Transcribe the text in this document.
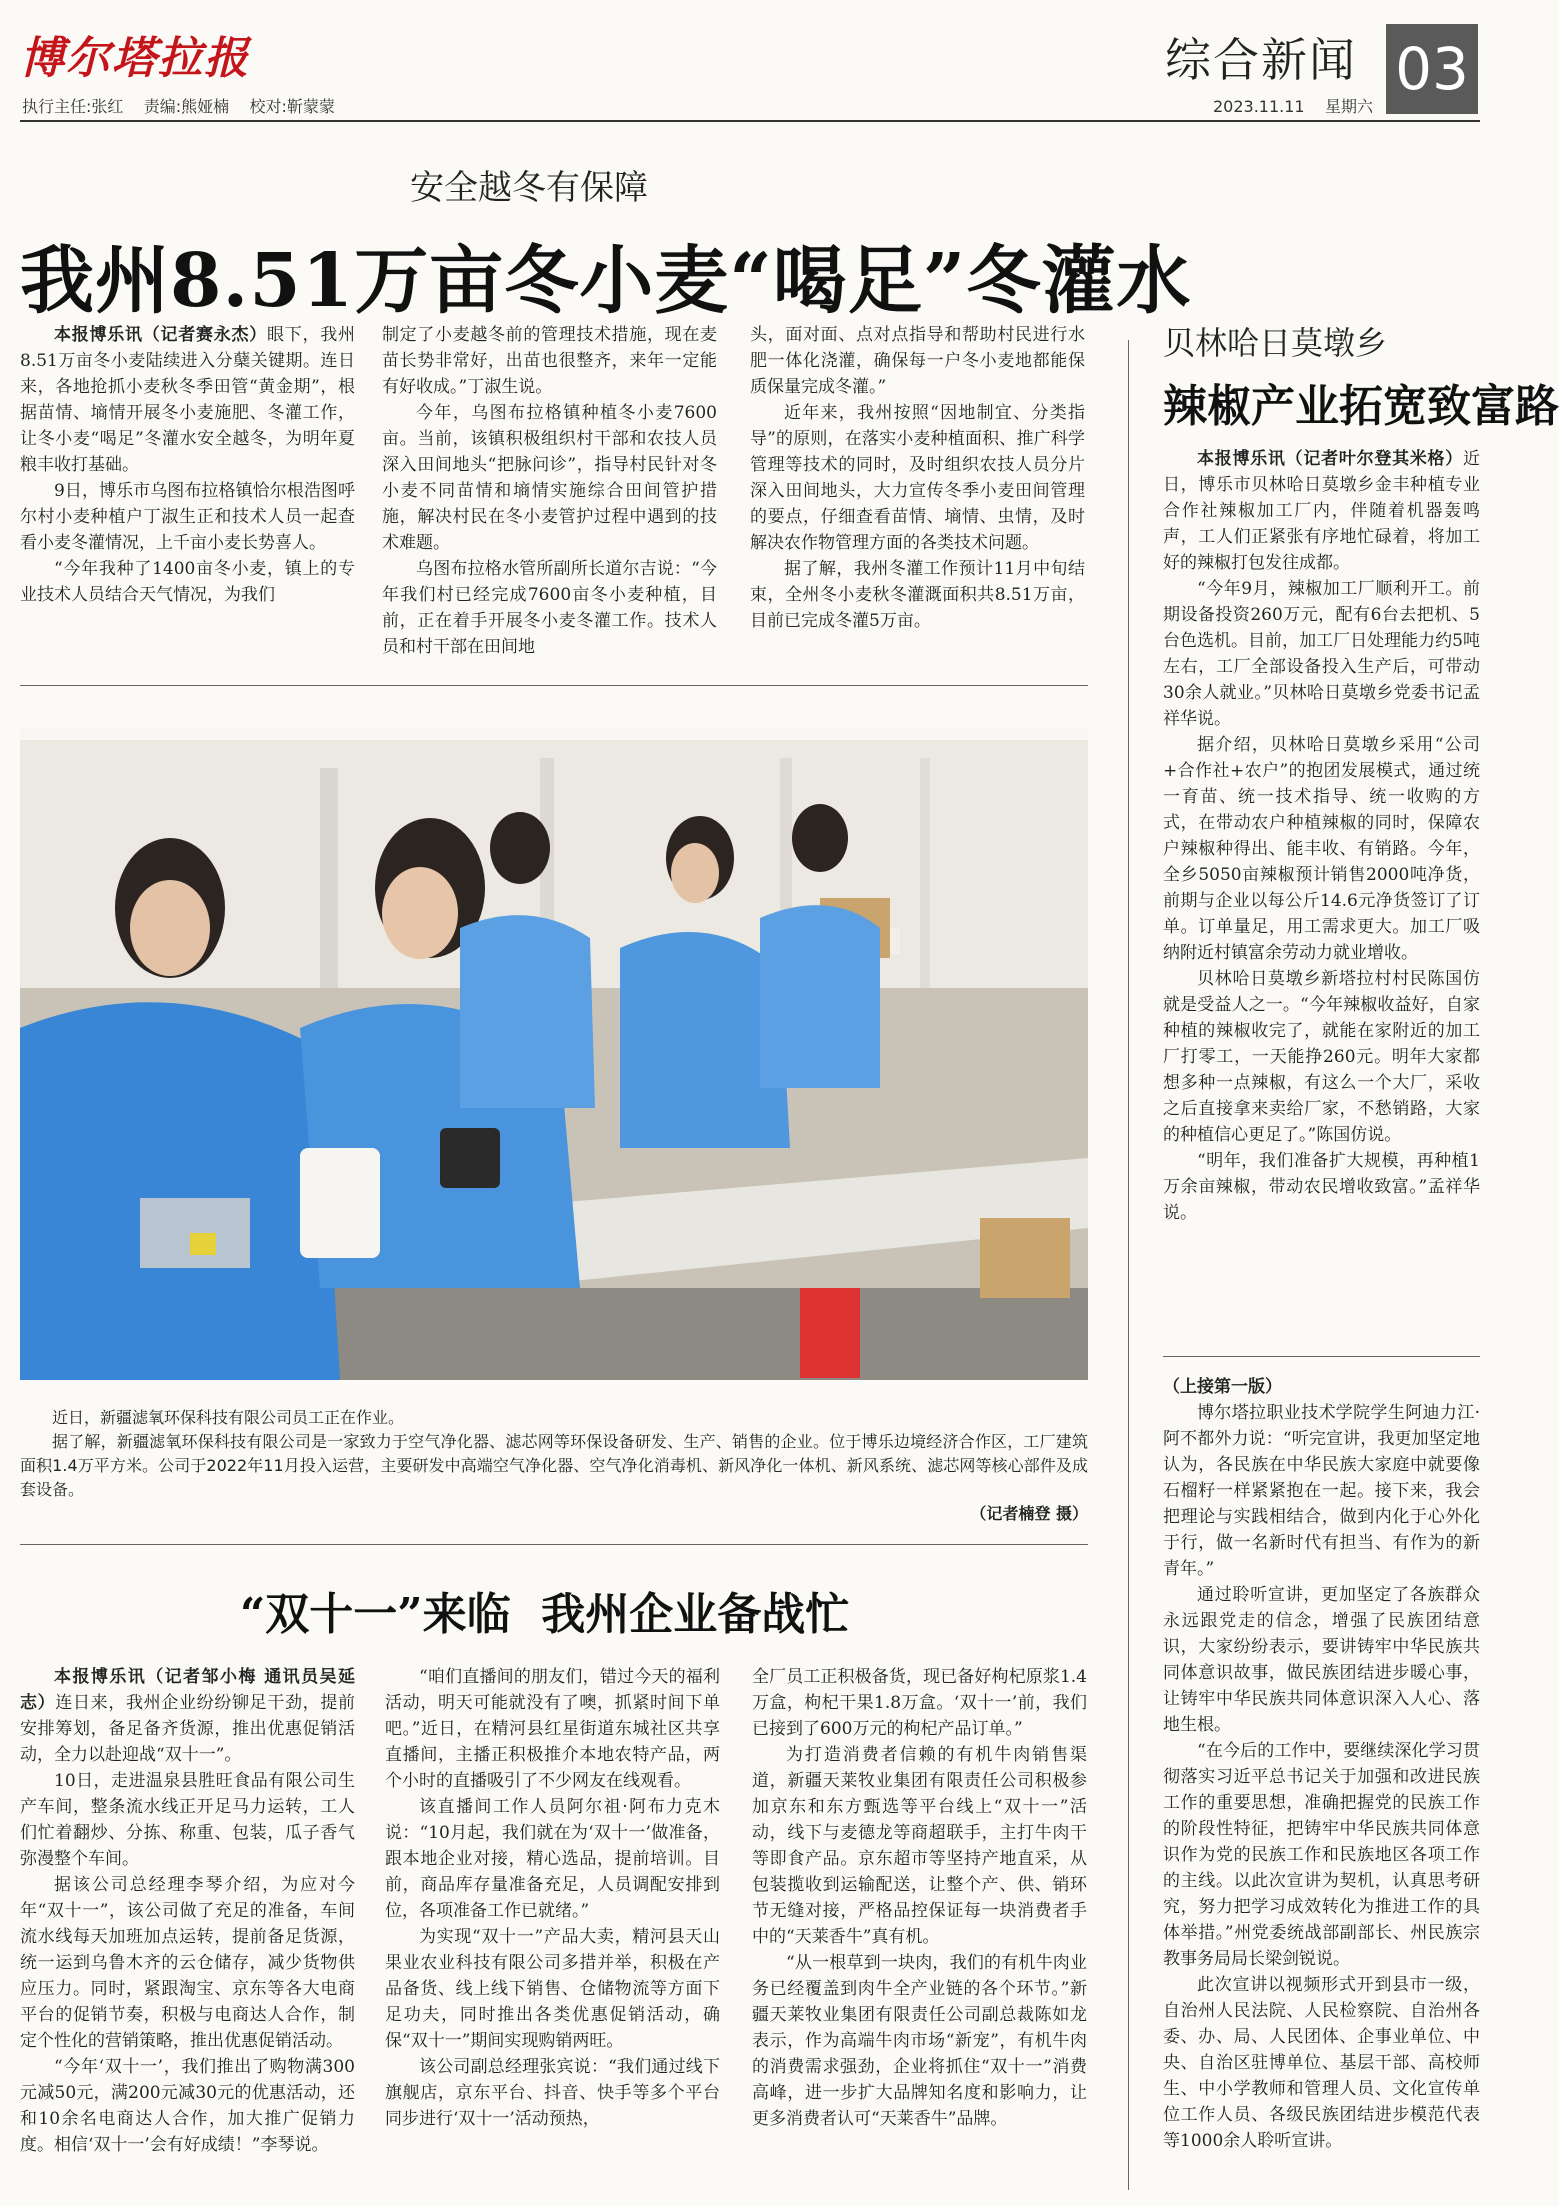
博尔塔拉报
执行主任:张红    责编:熊娅楠    校对:靳蒙蒙
综合新闻 03
2023.11.11    星期六
安全越冬有保障
我州8.51万亩冬小麦“喝足”冬灌水

本报博乐讯（记者赛永杰）眼下，我州8.51万亩冬小麦陆续进入分蘖关键期。连日来，各地抢抓小麦秋冬季田管“黄金期”，根据苗情、墒情开展冬小麦施肥、冬灌工作，让冬小麦“喝足”冬灌水安全越冬，为明年夏粮丰收打基础。

9日，博乐市乌图布拉格镇恰尔根浩图呼尔村小麦种植户丁淑生正和技术人员一起查看小麦冬灌情况，上千亩小麦长势喜人。

“今年我种了1400亩冬小麦，镇上的专业技术人员结合天气情况，为我们

制定了小麦越冬前的管理技术措施，现在麦苗长势非常好，出苗也很整齐，来年一定能有好收成。”丁淑生说。

今年，乌图布拉格镇种植冬小麦7600亩。当前，该镇积极组织村干部和农技人员深入田间地头“把脉问诊”，指导村民针对冬小麦不同苗情和墒情实施综合田间管护措施，解决村民在冬小麦管护过程中遇到的技术难题。

乌图布拉格水管所副所长道尔吉说：“今年我们村已经完成7600亩冬小麦种植，目前，正在着手开展冬小麦冬灌工作。技术人员和村干部在田间地

头，面对面、点对点指导和帮助村民进行水肥一体化浇灌，确保每一户冬小麦地都能保质保量完成冬灌。”

近年来，我州按照“因地制宜、分类指导”的原则，在落实小麦种植面积、推广科学管理等技术的同时，及时组织农技人员分片深入田间地头，大力宣传冬季小麦田间管理的要点，仔细查看苗情、墒情、虫情，及时解决农作物管理方面的各类技术问题。

据了解，我州冬灌工作预计11月中旬结束，全州冬小麦秋冬灌溉面积共8.51万亩，目前已完成冬灌5万亩。

近日，新疆滤氧环保科技有限公司员工正在作业。

据了解，新疆滤氧环保科技有限公司是一家致力于空气净化器、滤芯网等环保设备研发、生产、销售的企业。位于博乐边境经济合作区，工厂建筑面积1.4万平方米。公司于2022年11月投入运营，主要研发中高端空气净化器、空气净化消毒机、新风净化一体机、新风系统、滤芯网等核心部件及成套设备。

（记者楠登 摄）

“双十一”来临  我州企业备战忙

本报博乐讯（记者邹小梅 通讯员吴延志）连日来，我州企业纷纷铆足干劲，提前安排筹划，备足备齐货源，推出优惠促销活动，全力以赴迎战“双十一”。

10日，走进温泉县胜旺食品有限公司生产车间，整条流水线正开足马力运转，工人们忙着翻炒、分拣、称重、包装，瓜子香气弥漫整个车间。

据该公司总经理李琴介绍，为应对今年“双十一”，该公司做了充足的准备，车间流水线每天加班加点运转，提前备足货源，统一运到乌鲁木齐的云仓储存，减少货物供应压力。同时，紧跟淘宝、京东等各大电商平台的促销节奏，积极与电商达人合作，制定个性化的营销策略，推出优惠促销活动。

“今年‘双十一’，我们推出了购物满300元减50元，满200元减30元的优惠活动，还和10余名电商达人合作，加大推广促销力度。相信‘双十一’会有好成绩！”李琴说。

“咱们直播间的朋友们，错过今天的福利活动，明天可能就没有了噢，抓紧时间下单吧。”近日，在精河县红星街道东城社区共享直播间，主播正积极推介本地农特产品，两个小时的直播吸引了不少网友在线观看。

该直播间工作人员阿尔祖·阿布力克木说：“10月起，我们就在为‘双十一’做准备，跟本地企业对接，精心选品，提前培训。目前，商品库存量准备充足，人员调配安排到位，各项准备工作已就绪。”

为实现“双十一”产品大卖，精河县天山果业农业科技有限公司多措并举，积极在产品备货、线上线下销售、仓储物流等方面下足功夫，同时推出各类优惠促销活动，确保“双十一”期间实现购销两旺。

该公司副总经理张宾说：“我们通过线下旗舰店，京东平台、抖音、快手等多个平台同步进行‘双十一’活动预热，

全厂员工正积极备货，现已备好枸杞原浆1.4万盒，枸杞干果1.8万盒。‘双十一’前，我们已接到了600万元的枸杞产品订单。”

为打造消费者信赖的有机牛肉销售渠道，新疆天莱牧业集团有限责任公司积极参加京东和东方甄选等平台线上“双十一”活动，线下与麦德龙等商超联手，主打牛肉干等即食产品。京东超市等坚持产地直采，从包装揽收到运输配送，让整个产、供、销环节无缝对接，严格品控保证每一块消费者手中的“天莱香牛”真有机。

“从一根草到一块肉，我们的有机牛肉业务已经覆盖到肉牛全产业链的各个环节。”新疆天莱牧业集团有限责任公司副总裁陈如龙表示，作为高端牛肉市场“新宠”，有机牛肉的消费需求强劲，企业将抓住“双十一”消费高峰，进一步扩大品牌知名度和影响力，让更多消费者认可“天莱香牛”品牌。

贝林哈日莫墩乡
辣椒产业拓宽致富路

本报博乐讯（记者叶尔登其米格）近日，博乐市贝林哈日莫墩乡金丰种植专业合作社辣椒加工厂内，伴随着机器轰鸣声，工人们正紧张有序地忙碌着，将加工好的辣椒打包发往成都。

“今年9月，辣椒加工厂顺利开工。前期设备投资260万元，配有6台去把机、5台色选机。目前，加工厂日处理能力约5吨左右，工厂全部设备投入生产后，可带动30余人就业。”贝林哈日莫墩乡党委书记孟祥华说。

据介绍，贝林哈日莫墩乡采用“公司+合作社+农户”的抱团发展模式，通过统一育苗、统一技术指导、统一收购的方式，在带动农户种植辣椒的同时，保障农户辣椒种得出、能丰收、有销路。今年，全乡5050亩辣椒预计销售2000吨净货，前期与企业以每公斤14.6元净货签订了订单。订单量足，用工需求更大。加工厂吸纳附近村镇富余劳动力就业增收。

贝林哈日莫墩乡新塔拉村村民陈国仿就是受益人之一。“今年辣椒收益好，自家种植的辣椒收完了，就能在家附近的加工厂打零工，一天能挣260元。明年大家都想多种一点辣椒，有这么一个大厂，采收之后直接拿来卖给厂家，不愁销路，大家的种植信心更足了。”陈国仿说。

“明年，我们准备扩大规模，再种植1万余亩辣椒，带动农民增收致富。”孟祥华说。

（上接第一版）

博尔塔拉职业技术学院学生阿迪力江·阿不都外力说：“听完宣讲，我更加坚定地认为，各民族在中华民族大家庭中就要像石榴籽一样紧紧抱在一起。接下来，我会把理论与实践相结合，做到内化于心外化于行，做一名新时代有担当、有作为的新青年。”

通过聆听宣讲，更加坚定了各族群众永远跟党走的信念，增强了民族团结意识，大家纷纷表示，要讲铸牢中华民族共同体意识故事，做民族团结进步暖心事，让铸牢中华民族共同体意识深入人心、落地生根。

“在今后的工作中，要继续深化学习贯彻落实习近平总书记关于加强和改进民族工作的重要思想，准确把握党的民族工作的阶段性特征，把铸牢中华民族共同体意识作为党的民族工作和民族地区各项工作的主线。以此次宣讲为契机，认真思考研究，努力把学习成效转化为推进工作的具体举措。”州党委统战部副部长、州民族宗教事务局局长梁剑锐说。

此次宣讲以视频形式开到县市一级，自治州人民法院、人民检察院、自治州各委、办、局、人民团体、企事业单位、中央、自治区驻博单位、基层干部、高校师生、中小学教师和管理人员、文化宣传单位工作人员、各级民族团结进步模范代表等1000余人聆听宣讲。
